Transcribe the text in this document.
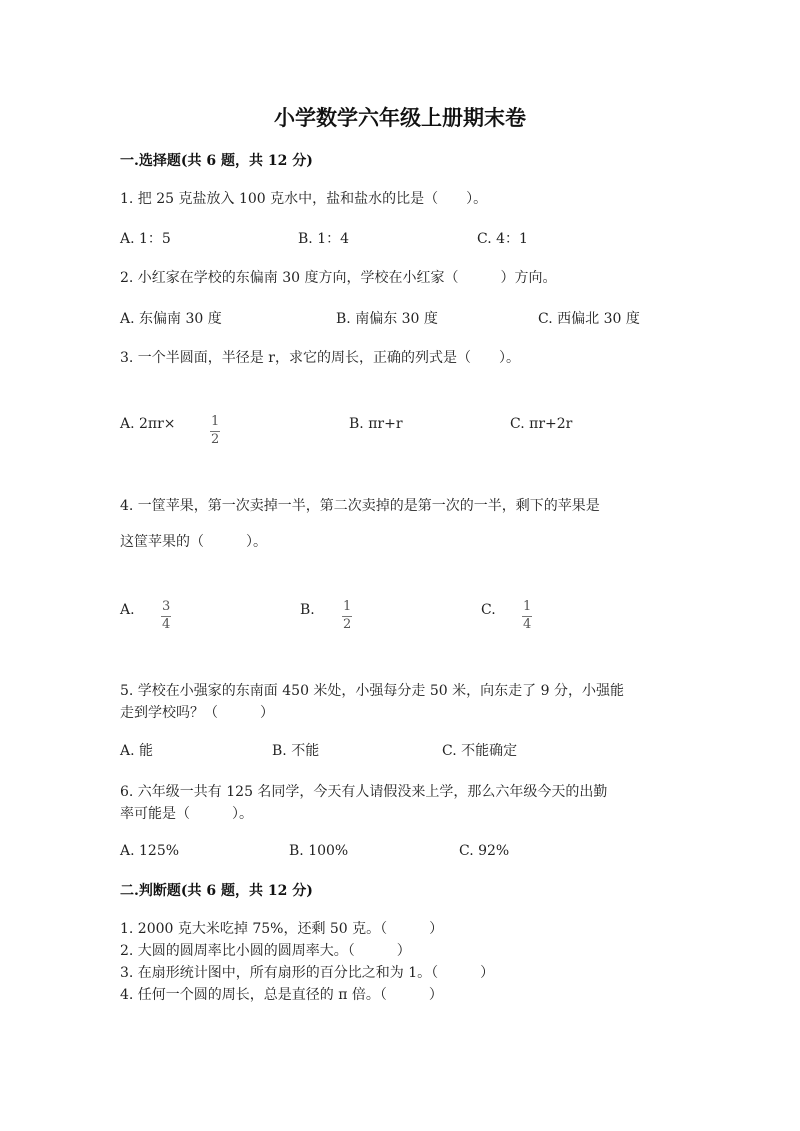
小学数学六年级上册期末卷
一.选择题(共 6 题，共 12 分)
1. 把 25 克盐放入 100 克水中，盐和盐水的比是（　　）。
A. 1：5	B. 1：4	C. 4：1
2. 小红家在学校的东偏南 30 度方向，学校在小红家（　　　）方向。
A. 东偏南 30 度	B. 南偏东 30 度	C. 西偏北 30 度
3. 一个半圆面，半径是 r，求它的周长，正确的列式是（　　）。
A. 2πr×	$\frac{1}{2}$	B. πr+r	C. πr+2r
4. 一筐苹果，第一次卖掉一半，第二次卖掉的是第一次的一半，剩下的苹果是
这筐苹果的（　　　）。
A. $\frac{3}{4}$	B. $\frac{1}{2}$	C. $\frac{1}{4}$
5. 学校在小强家的东南面 450 米处，小强每分走 50 米，向东走了 9 分，小强能
走到学校吗？（　　　）
A. 能	B. 不能	C. 不能确定
6. 六年级一共有 125 名同学，今天有人请假没来上学，那么六年级今天的出勤
率可能是（　　　）。
A. 125%	B. 100%	C. 92%
二.判断题(共 6 题，共 12 分)
1. 2000 克大米吃掉 75%，还剩 50 克。（　　　）
2. 大圆的圆周率比小圆的圆周率大。（　　　）
3. 在扇形统计图中，所有扇形的百分比之和为 1。（　　　）
4. 任何一个圆的周长，总是直径的 π 倍。（　　　）
